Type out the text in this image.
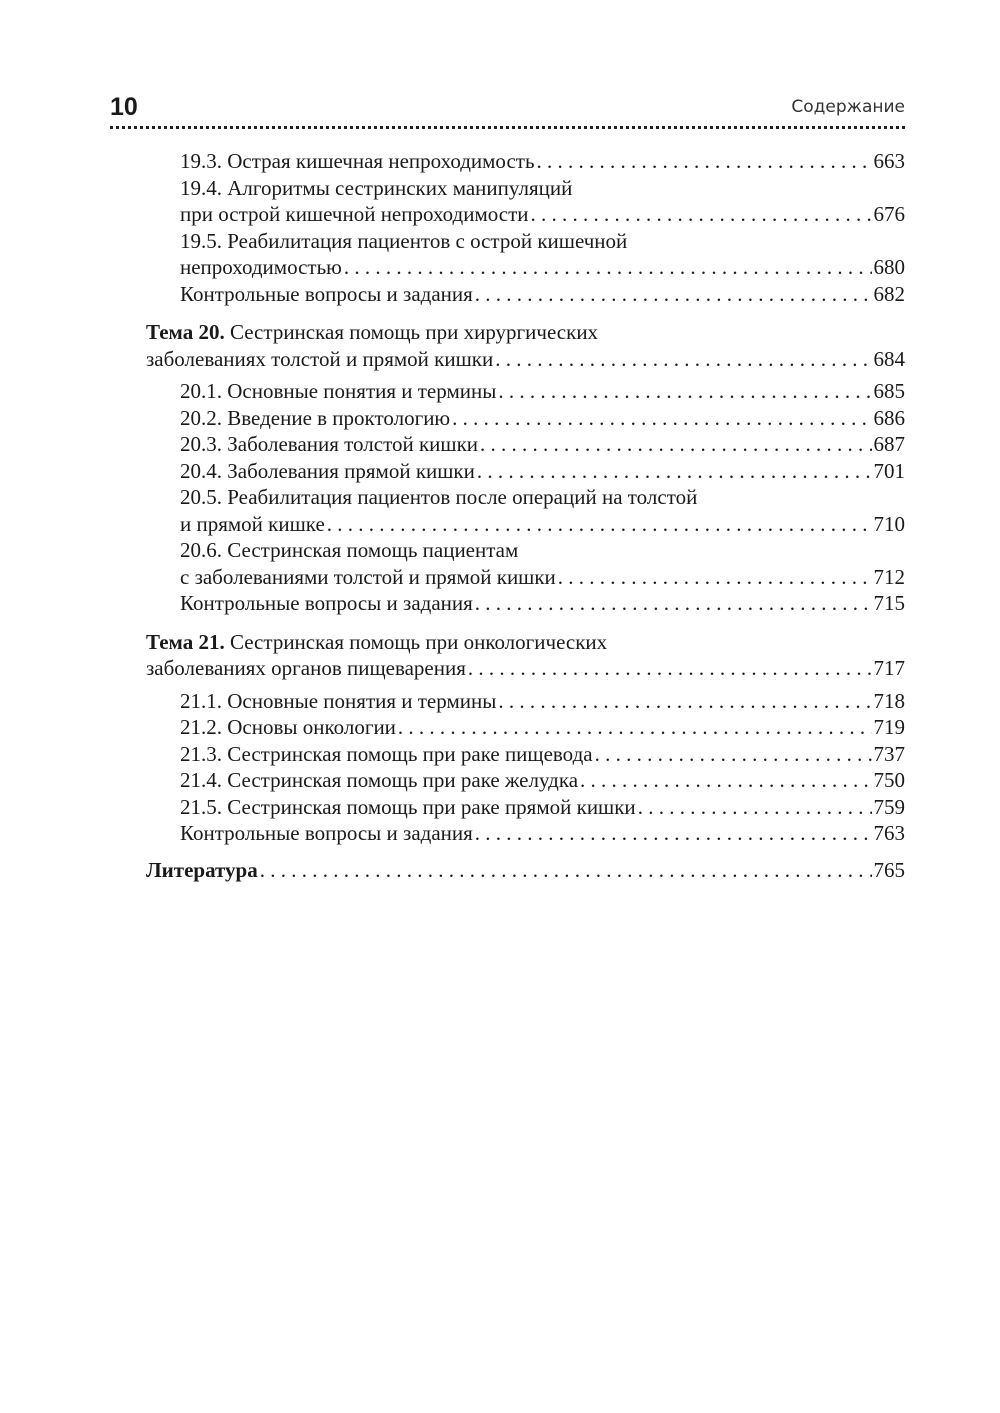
10	Содержание
19.3. Острая кишечная непроходимость . . .	663
19.4. Алгоритмы сестринских манипуляций
при острой кишечной непроходимости . . .	676
19.5. Реабилитация пациентов с острой кишечной
непроходимостью . . .	680
Контрольные вопросы и задания . . .	682
Тема 20. Сестринская помощь при хирургических
заболеваниях толстой и прямой кишки . . .	684
20.1. Основные понятия и термины . . .	685
20.2. Введение в проктологию . . .	686
20.3. Заболевания толстой кишки . . .	687
20.4. Заболевания прямой кишки . . .	701
20.5. Реабилитация пациентов после операций на толстой
и прямой кишке . . .	710
20.6. Сестринская помощь пациентам
с заболеваниями толстой и прямой кишки . . .	712
Контрольные вопросы и задания . . .	715
Тема 21. Сестринская помощь при онкологических
заболеваниях органов пищеварения . . .	717
21.1. Основные понятия и термины . . .	718
21.2. Основы онкологии . . .	719
21.3. Сестринская помощь при раке пищевода . . .	737
21.4. Сестринская помощь при раке желудка . . .	750
21.5. Сестринская помощь при раке прямой кишки . . .	759
Контрольные вопросы и задания . . .	763
Литература . . .	765
